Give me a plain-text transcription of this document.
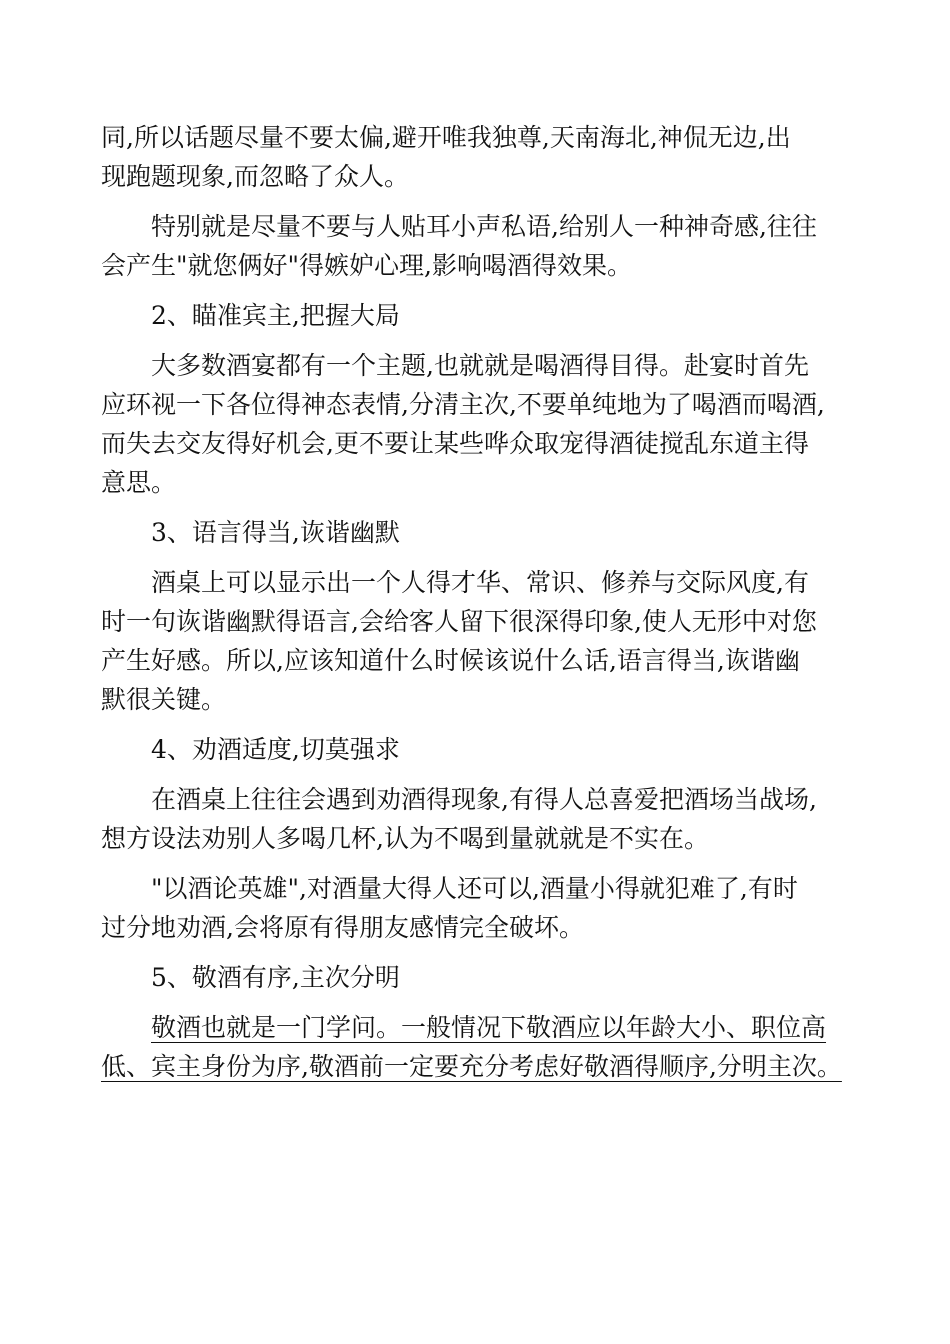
同,所以话题尽量不要太偏,避开唯我独尊,天南海北,神侃无边,出
现跑题现象,而忽略了众人。

特别就是尽量不要与人贴耳小声私语,给别人一种神奇感,往往
会产生"就您俩好"得嫉妒心理,影响喝酒得效果。

2、瞄准宾主,把握大局

大多数酒宴都有一个主题,也就就是喝酒得目得。赴宴时首先
应环视一下各位得神态表情,分清主次,不要单纯地为了喝酒而喝酒,
而失去交友得好机会,更不要让某些哗众取宠得酒徒搅乱东道主得
意思。

3、语言得当,诙谐幽默

酒桌上可以显示出一个人得才华、常识、修养与交际风度,有
时一句诙谐幽默得语言,会给客人留下很深得印象,使人无形中对您
产生好感。所以,应该知道什么时候该说什么话,语言得当,诙谐幽
默很关键。

4、劝酒适度,切莫强求

在酒桌上往往会遇到劝酒得现象,有得人总喜爱把酒场当战场,
想方设法劝别人多喝几杯,认为不喝到量就就是不实在。

"以酒论英雄",对酒量大得人还可以,酒量小得就犯难了,有时
过分地劝酒,会将原有得朋友感情完全破坏。

5、敬酒有序,主次分明

敬酒也就是一门学问。一般情况下敬酒应以年龄大小、职位高
低、宾主身份为序,敬酒前一定要充分考虑好敬酒得顺序,分明主次。
